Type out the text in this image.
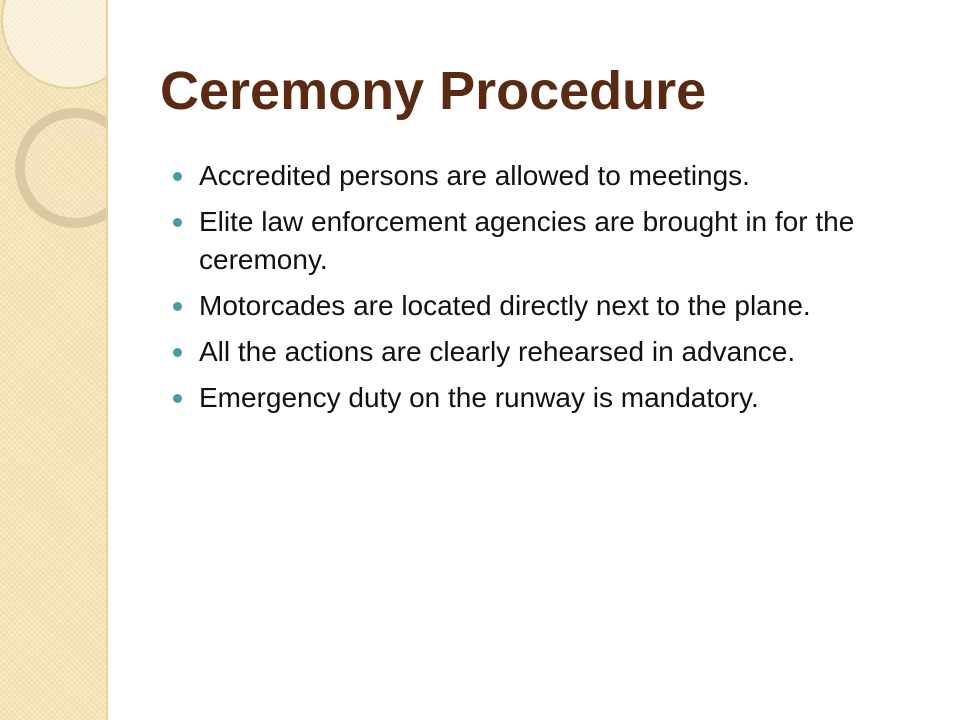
Ceremony Procedure
Accredited persons are allowed to meetings.
Elite law enforcement agencies are brought in for the ceremony.
Motorcades are located directly next to the plane.
All the actions are clearly rehearsed in advance.
Emergency duty on the runway is mandatory.
